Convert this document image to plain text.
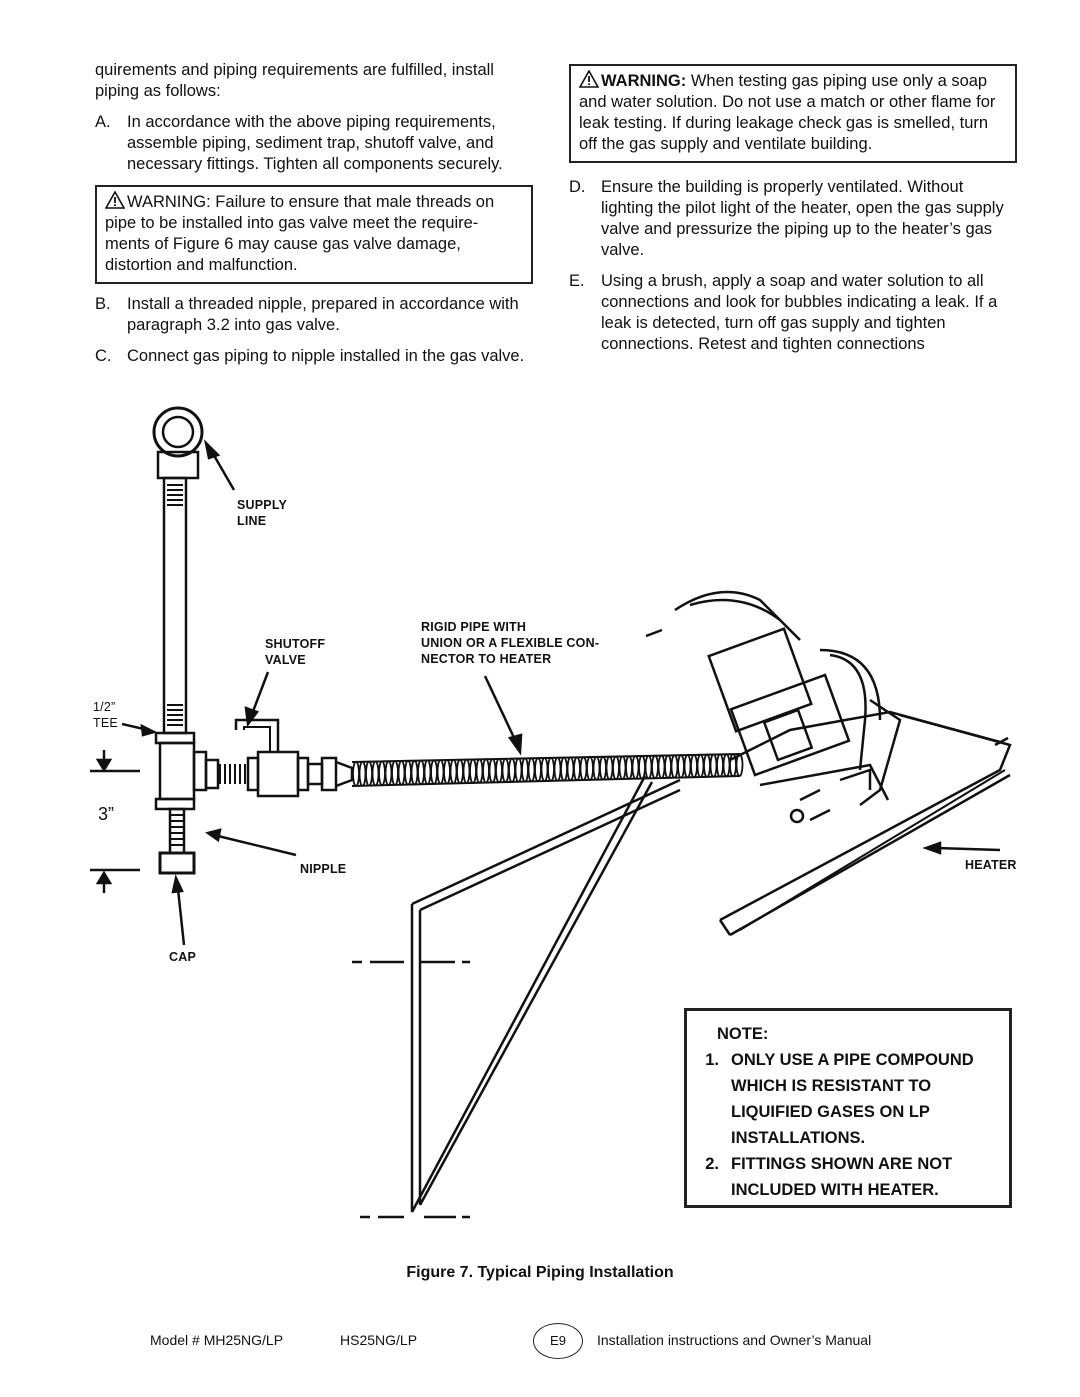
quirements and piping requirements are fulfilled, install piping as follows:

A. In accordance with the above piping requirements, assemble piping, sediment trap, shutoff valve, and necessary fittings. Tighten all components securely.
WARNING: Failure to ensure that male threads on pipe to be installed into gas valve meet the require- ments of Figure 6 may cause gas valve damage, distortion and malfunction.
B. Install a threaded nipple, prepared in accordance with paragraph 3.2 into gas valve.
C. Connect gas piping to nipple installed in the gas valve.
WARNING: When testing gas piping use only a soap and water solution. Do not use a match or other flame for leak testing. If during leakage check gas is smelled, turn off the gas supply and ventilate building.
D. Ensure the building is properly ventilated. Without lighting the pilot light of the heater, open the gas supply valve and pressurize the piping up to the heater’s gas valve.
E. Using a brush, apply a soap and water solution to all connections and look for bubbles indicating a leak. If a leak is detected, turn off gas supply and tighten connections. Retest and tighten connections
SUPPLY
LINE
SHUTOFF
VALVE
RIGID PIPE WITH
UNION OR A FLEXIBLE CON-
NECTOR TO HEATER
1/2”
TEE
3”
NIPPLE
CAP
HEATER
NOTE:
1. ONLY USE A PIPE COMPOUND WHICH IS RESISTANT TO LIQUIFIED GASES ON LP INSTALLATIONS.
2. FITTINGS SHOWN ARE NOT INCLUDED WITH HEATER.
Figure 7. Typical Piping Installation
Model # MH25NG/LP	HS25NG/LP	E9	Installation instructions and Owner’s Manual
